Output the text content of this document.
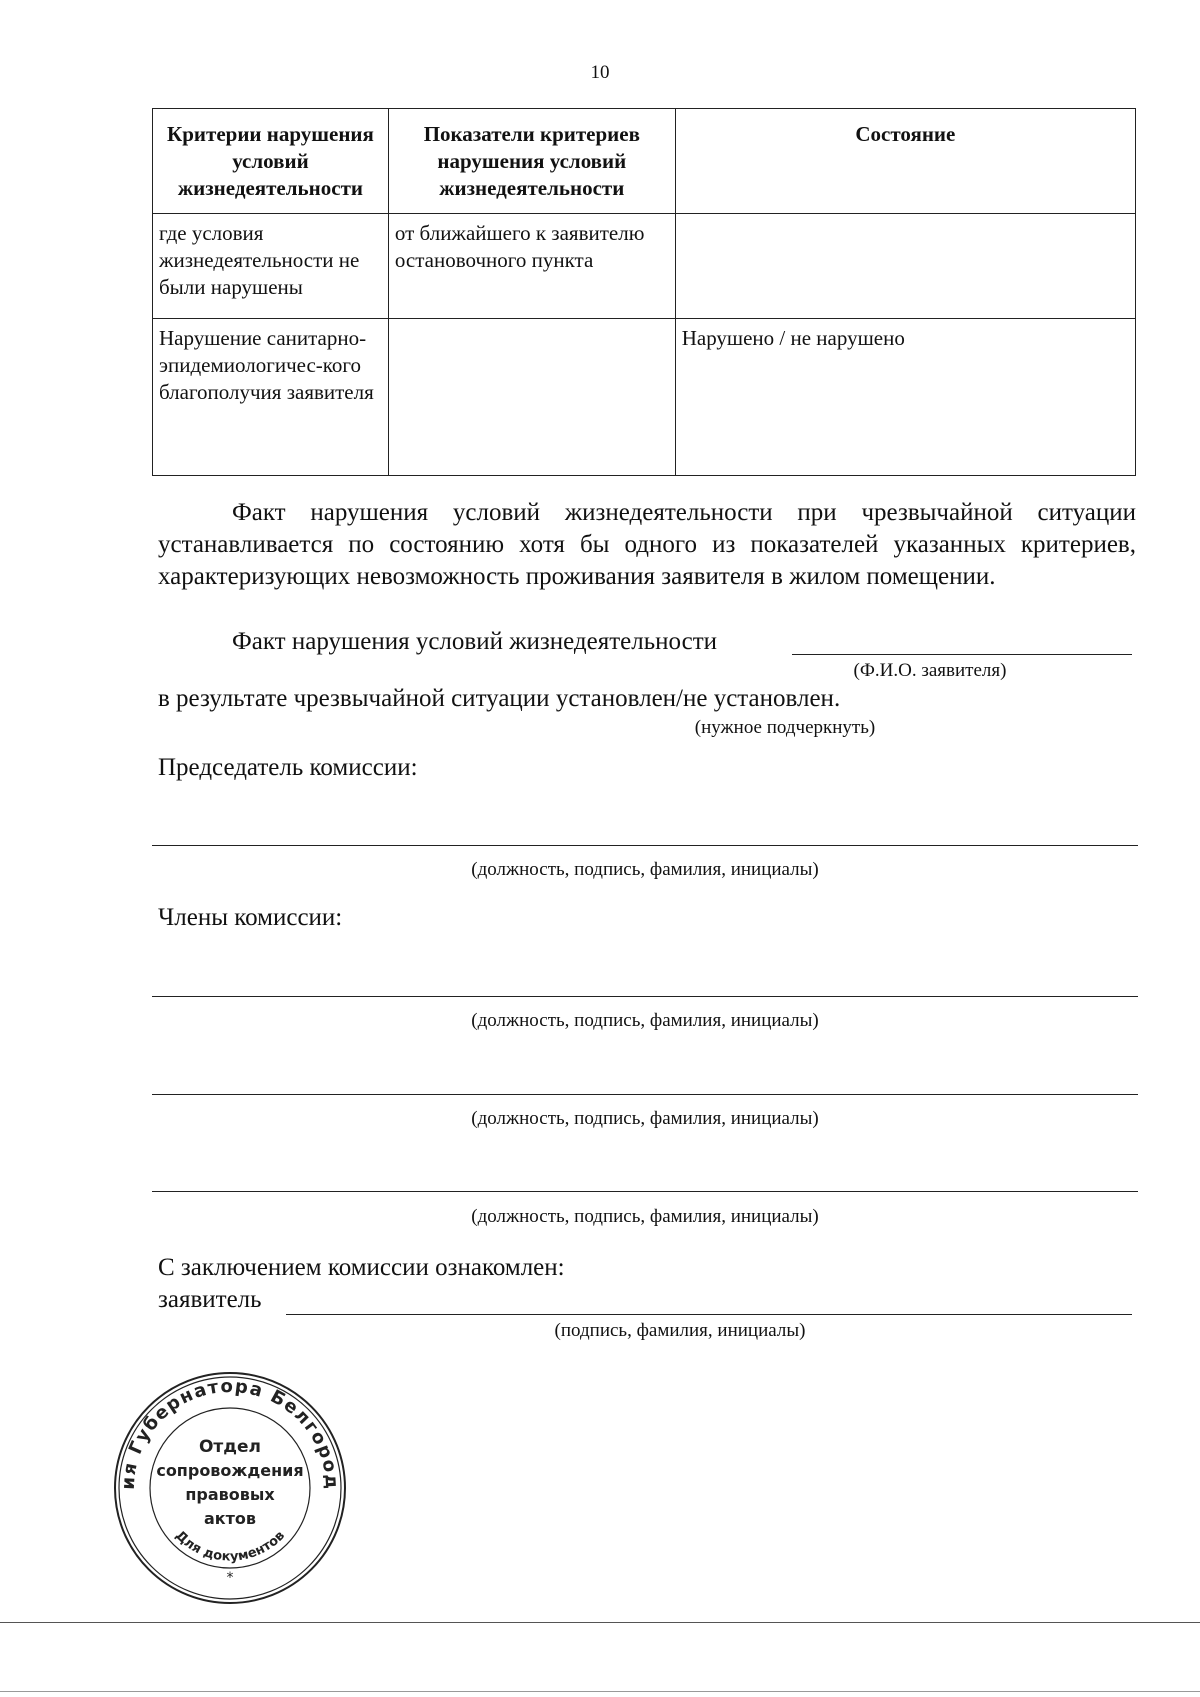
10
Критерии нарушения условий жизнедеятельности	Показатели критериев нарушения условий жизнедеятельности	Состояние
где условия жизнедеятельности не были нарушены	от ближайшего к заявителю остановочного пункта	
Нарушение санитарно-эпидемиологичес-кого благополучия заявителя		Нарушено / не нарушено
Факт нарушения условий жизнедеятельности при чрезвычайной ситуации устанавливается по состоянию хотя бы одного из показателей указанных критериев, характеризующих невозможность проживания заявителя в жилом помещении.
Факт нарушения условий жизнедеятельности
(Ф.И.О. заявителя)
в результате чрезвычайной ситуации установлен/не установлен.
(нужное подчеркнуть)
Председатель комиссии:
(должность, подпись, фамилия, инициалы)
Члены комиссии:
(должность, подпись, фамилия, инициалы)
(должность, подпись, фамилия, инициалы)
(должность, подпись, фамилия, инициалы)
С заключением комиссии ознакомлен:
заявитель
(подпись, фамилия, инициалы)
ия Губернатора Белгород
Для документов
Отдел
сопровождения
правовых
актов
*
